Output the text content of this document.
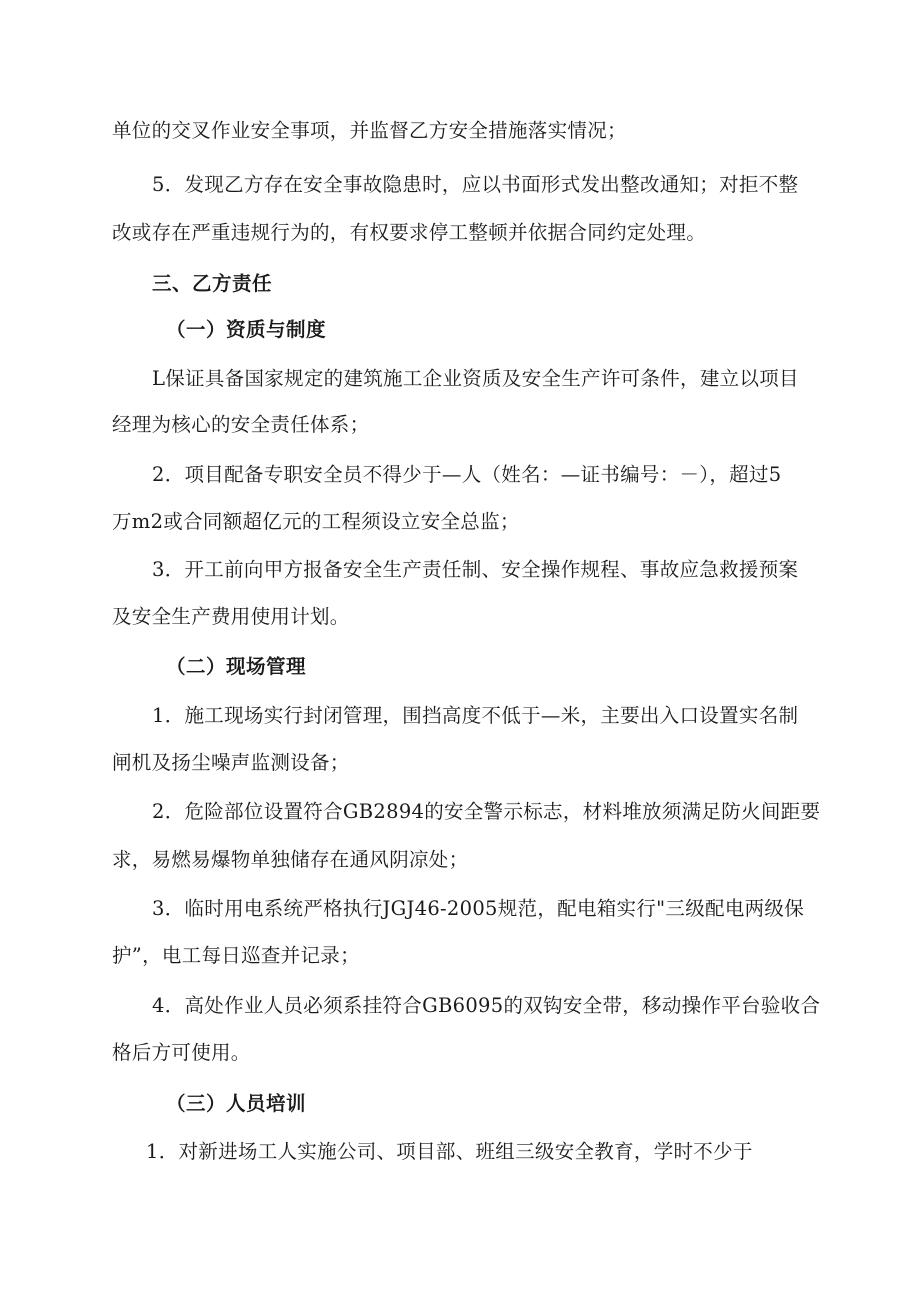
单位的交叉作业安全事项，并监督乙方安全措施落实情况；
5．发现乙方存在安全事故隐患时，应以书面形式发出整改通知；对拒不整
改或存在严重违规行为的，有权要求停工整顿并依据合同约定处理。
三、乙方责任
（一）资质与制度
L保证具备国家规定的建筑施工企业资质及安全生产许可条件，建立以项目
经理为核心的安全责任体系；
2．项目配备专职安全员不得少于—人（姓名：—证书编号：－），超过5
万m2或合同额超亿元的工程须设立安全总监；
3．开工前向甲方报备安全生产责任制、安全操作规程、事故应急救援预案
及安全生产费用使用计划。
（二）现场管理
1．施工现场实行封闭管理，围挡高度不低于—米，主要出入口设置实名制
闸机及扬尘噪声监测设备；
2．危险部位设置符合GB2894的安全警示标志，材料堆放须满足防火间距要
求，易燃易爆物单独储存在通风阴凉处；
3．临时用电系统严格执行JGJ46-2005规范，配电箱实行"三级配电两级保
护”，电工每日巡查并记录；
4．高处作业人员必须系挂符合GB6095的双钩安全带，移动操作平台验收合
格后方可使用。
（三）人员培训
1．对新进场工人实施公司、项目部、班组三级安全教育，学时不少于
